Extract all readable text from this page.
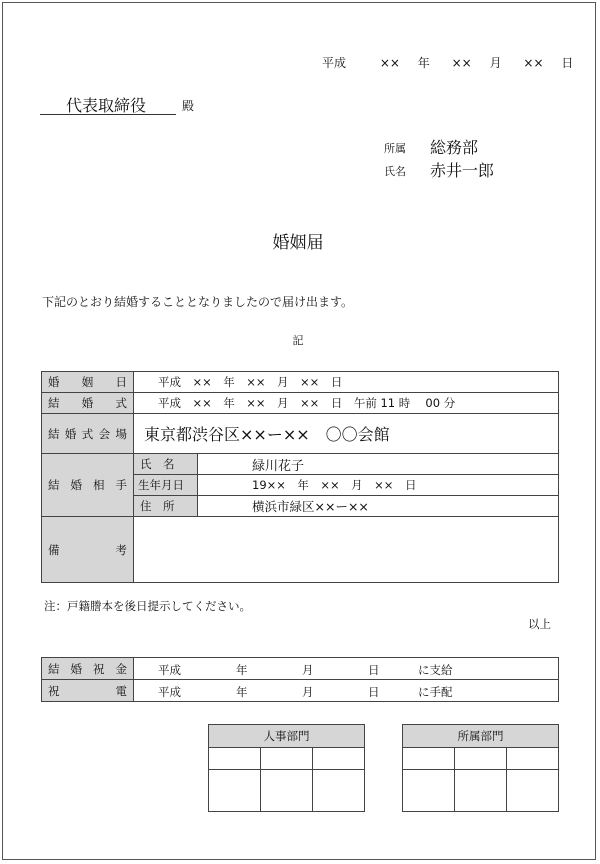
平成	×× 年 ×× 月 ×× 日
代表取締役	殿
所属 総務部
氏名 赤井一郎
婚姻届
下記のとおり結婚することとなりましたので届け出ます。
記
婚 姻 日	平成　××　年　××　月　××　日	
結 婚 式	平成　××　年　××　月　××　日　午前 11 時　 00 分	
結婚式会場	東京都渋谷区××ー××　〇〇会館	
結 婚 相 手	氏　名	緑川花子
	生年月日	19××　年　××　月　××　日
	住　所	横浜市緑区××ー××
備　　　考		
注：戸籍謄本を後日提示してください。
以上
結 婚 祝 金	平成 年 月 日 に支給

祝　　電	平成 年 月 日 に手配
人事部門		

			所属部門		
